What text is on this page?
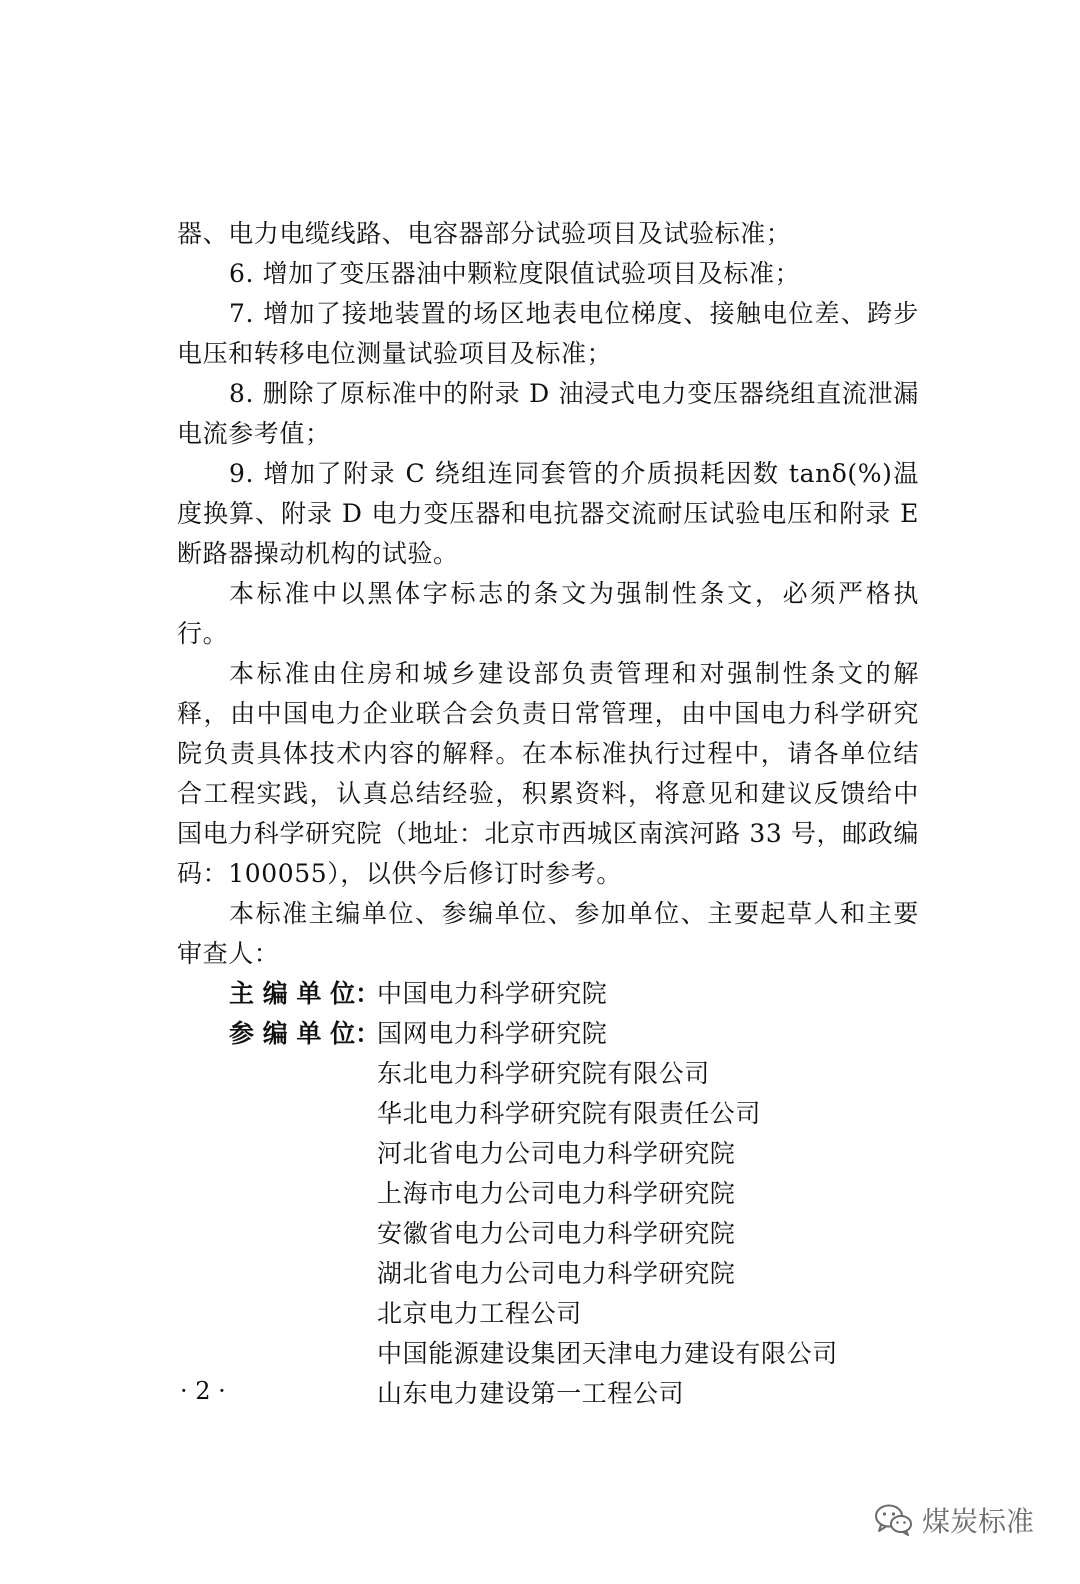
器、电力电缆线路、电容器部分试验项目及试验标准；

6. 增加了变压器油中颗粒度限值试验项目及标准；

7. 增加了接地装置的场区地表电位梯度、接触电位差、跨步电压和转移电位测量试验项目及标准；

8. 删除了原标准中的附录 D 油浸式电力变压器绕组直流泄漏电流参考值；

9. 增加了附录 C 绕组连同套管的介质损耗因数 tanδ(%)温度换算、附录 D 电力变压器和电抗器交流耐压试验电压和附录 E 断路器操动机构的试验。

本标准中以黑体字标志的条文为强制性条文，必须严格执行。

本标准由住房和城乡建设部负责管理和对强制性条文的解释，由中国电力企业联合会负责日常管理，由中国电力科学研究院负责具体技术内容的解释。在本标准执行过程中，请各单位结合工程实践，认真总结经验，积累资料，将意见和建议反馈给中国电力科学研究院（地址：北京市西城区南滨河路 33 号，邮政编码：100055），以供今后修订时参考。

本标准主编单位、参编单位、参加单位、主要起草人和主要审查人：

主 编 单 位：
中国电力科学研究院
参 编 单 位：
国网电力科学研究院
东北电力科学研究院有限公司
华北电力科学研究院有限责任公司
河北省电力公司电力科学研究院
上海市电力公司电力科学研究院
安徽省电力公司电力科学研究院
湖北省电力公司电力科学研究院
北京电力工程公司
中国能源建设集团天津电力建设有限公司
山东电力建设第一工程公司
· 2 ·
煤炭标准
